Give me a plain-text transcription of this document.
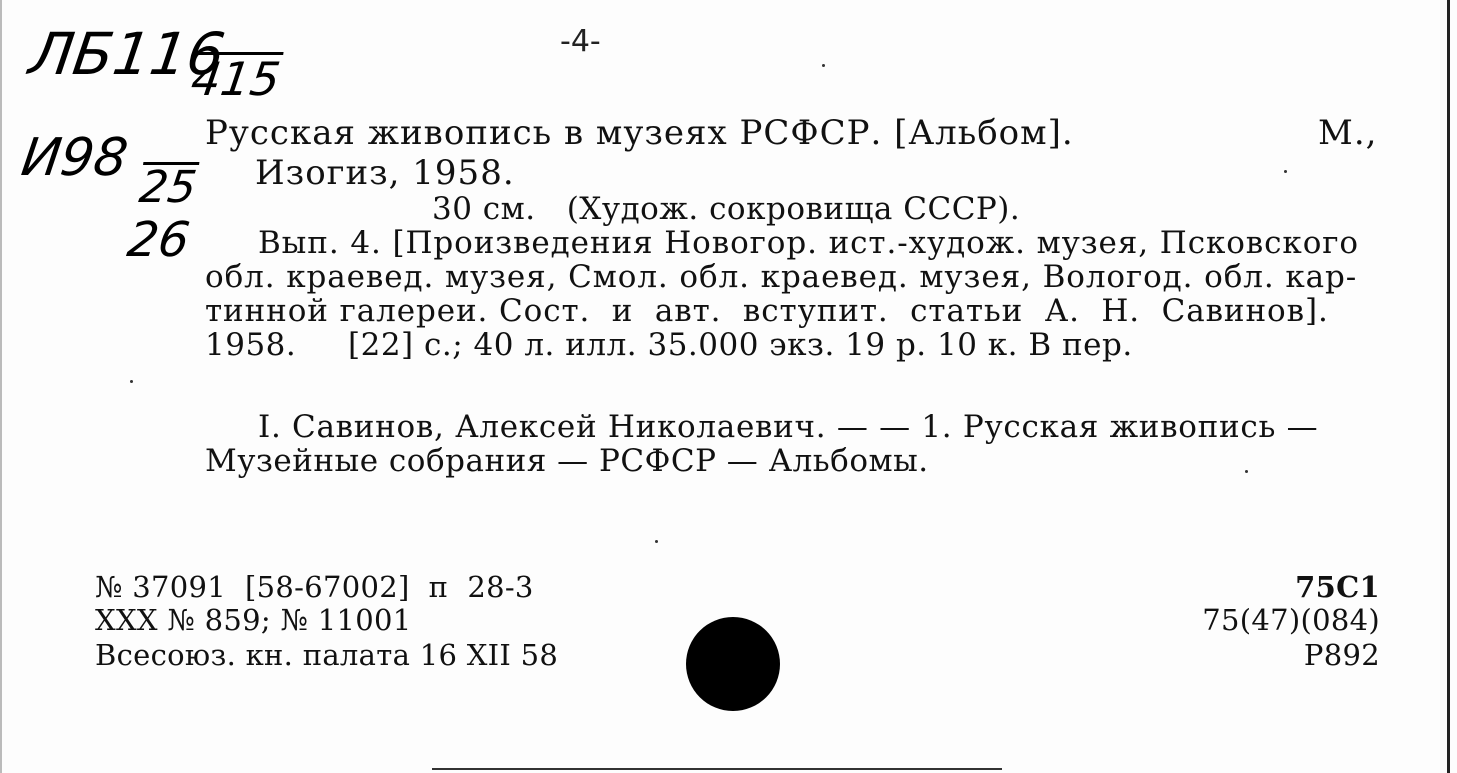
ЛБ116
415
И98 25
26
-4-
Русская живопись в музеях РСФСР. [Альбом].	М.,
Изогиз, 1958.
30 см.   (Худож. сокровища СССР).
Вып. 4. [Произведения Новогор. ист.-худож. музея, Псковского
обл. краевед. музея, Смол. обл. краевед. музея, Вологод. обл. кар-
тинной галереи. Сост.  и  авт.  вступит.  статьи  А.  Н.  Савинов].
1958.     [22] с.; 40 л. илл. 35.000 экз. 19 р. 10 к. В пер.
I. Савинов, Алексей Николаевич. — — 1. Русская живопись —
Музейные собрания — РСФСР — Альбомы.
№ 37091  [58-67002]  п  28-3
ХХХ № 859; № 11001
Всесоюз. кн. палата 16 XII 58
75С1
75(47)(084)
Р892
